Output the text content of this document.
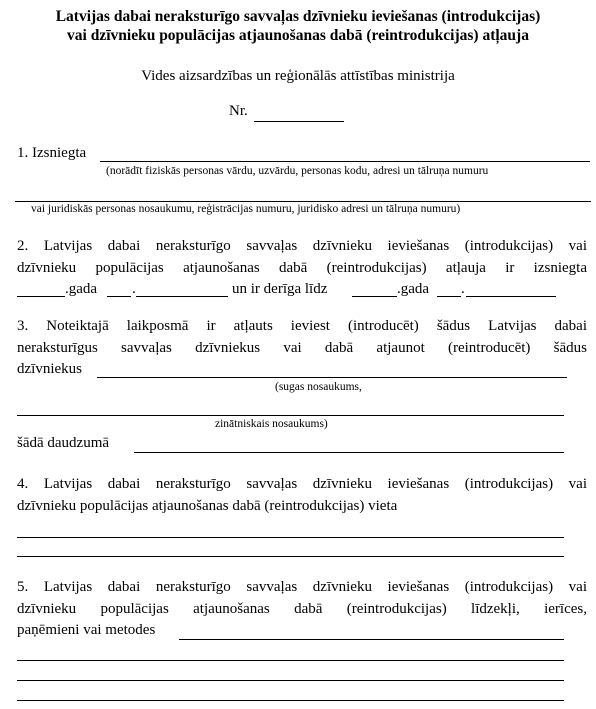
Latvijas dabai neraksturīgo savvaļas dzīvnieku ieviešanas (introdukcijas)
vai dzīvnieku populācijas atjaunošanas dabā (reintrodukcijas) atļauja
Vides aizsardzības un reģionālās attīstības ministrija
Nr.
1. Izsniegta
(norādīt fiziskās personas vārdu, uzvārdu, personas kodu, adresi un tālruņa numuru
vai juridiskās personas nosaukumu, reģistrācijas numuru, juridisko adresi un tālruņa numuru)
2. Latvijas dabai neraksturīgo savvaļas dzīvnieku ieviešanas (introdukcijas) vai
dzīvnieku populācijas atjaunošanas dabā (reintrodukcijas) atļauja ir izsniegta
.gada .	un ir derīga līdz	.gada .
3. Noteiktajā laikposmā ir atļauts ieviest (introducēt) šādus Latvijas dabai
neraksturīgus savvaļas dzīvniekus vai dabā atjaunot (reintroducēt) šādus
dzīvniekus
(sugas nosaukums,
zinātniskais nosaukums)
šādā daudzumā
4. Latvijas dabai neraksturīgo savvaļas dzīvnieku ieviešanas (introdukcijas) vai
dzīvnieku populācijas atjaunošanas dabā (reintrodukcijas) vieta
5. Latvijas dabai neraksturīgo savvaļas dzīvnieku ieviešanas (introdukcijas) vai
dzīvnieku populācijas atjaunošanas dabā (reintrodukcijas) līdzekļi, ierīces,
paņēmieni vai metodes
